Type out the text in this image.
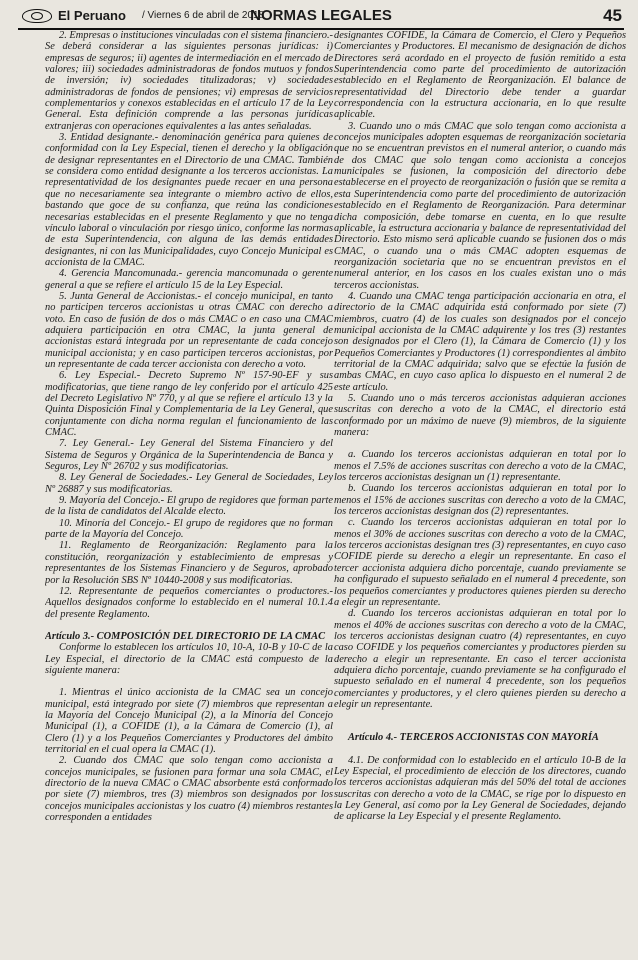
El Peruano / Viernes 6 de abril de 2018
NORMAS LEGALES	45

2. Empresas o instituciones vinculadas con el sistema financiero.- Se deberá considerar a las siguientes personas jurídicas: i) empresas de seguros; ii) agentes de intermediación en el mercado de valores; iii) sociedades administradoras de fondos mutuos y fondos de inversión; iv) sociedades titulizadoras; v) sociedades administradoras de fondos de pensiones; vi) empresas de servicios complementarios y conexos establecidas en el artículo 17 de la Ley General. Esta definición comprende a las personas jurídicas extranjeras con operaciones equivalentes a las antes señaladas.

3. Entidad designante.- denominación genérica para quienes de conformidad con la Ley Especial, tienen el derecho y la obligación de designar representantes en el Directorio de una CMAC. También se considera como entidad designante a los terceros accionistas. La representatividad de los designantes puede recaer en una persona que no necesariamente sea integrante o miembro activo de ellos, bastando que goce de su confianza, que reúna las condiciones necesarias establecidas en el presente Reglamento y que no tenga vínculo laboral o vinculación por riesgo único, conforme las normas de esta Superintendencia, con alguna de las demás entidades designantes, ni con las Municipalidades, cuyo Concejo Municipal es accionista de la CMAC.

4. Gerencia Mancomunada.- gerencia mancomunada o gerente general a que se refiere el artículo 15 de la Ley Especial.

5. Junta General de Accionistas.- el concejo municipal, en tanto no participen terceros accionistas u otras CMAC con derecho a voto. En caso de fusión de dos o más CMAC o en caso una CMAC adquiera participación en otra CMAC, la junta general de accionistas estará integrada por un representante de cada concejo municipal accionista; y en caso participen terceros accionistas, por un representante de cada tercer accionista con derecho a voto.

6. Ley Especial.- Decreto Supremo Nº 157-90-EF y sus modificatorias, que tiene rango de ley conferido por el artículo 425 del Decreto Legislativo Nº 770, y al que se refiere el artículo 13 y la Quinta Disposición Final y Complementaria de la Ley General, que conjuntamente con dicha norma regulan el funcionamiento de las CMAC.

7. Ley General.- Ley General del Sistema Financiero y del Sistema de Seguros y Orgánica de la Superintendencia de Banca y Seguros, Ley Nº 26702 y sus modificatorias.

8. Ley General de Sociedades.- Ley General de Sociedades, Ley Nº 26887 y sus modificatorias.

9. Mayoría del Concejo.- El grupo de regidores que forman parte de la lista de candidatos del Alcalde electo.

10. Minoría del Concejo.- El grupo de regidores que no forman parte de la Mayoría del Concejo.

11. Reglamento de Reorganización: Reglamento para la constitución, reorganización y establecimiento de empresas y representantes de los Sistemas Financiero y de Seguros, aprobado por la Resolución SBS Nº 10440-2008 y sus modificatorias.

12. Representante de pequeños comerciantes o productores.- Aquellos designados conforme lo establecido en el numeral 10.1.4 del presente Reglamento.

Artículo 3.- COMPOSICIÓN DEL DIRECTORIO DE LA CMAC

Conforme lo establecen los artículos 10, 10-A, 10-B y 10-C de la Ley Especial, el directorio de la CMAC está compuesto de la siguiente manera:

1. Mientras el único accionista de la CMAC sea un concejo municipal, está integrado por siete (7) miembros que representan a la Mayoría del Concejo Municipal (2), a la Minoría del Concejo Municipal (1), a COFIDE (1), a la Cámara de Comercio (1), al Clero (1) y a los Pequeños Comerciantes y Productores del ámbito territorial en el cual opera la CMAC (1).

2. Cuando dos CMAC que solo tengan como accionista a concejos municipales, se fusionen para formar una sola CMAC, el directorio de la nueva CMAC o CMAC absorbente está conformado por siete (7) miembros, tres (3) miembros son designados por los concejos municipales accionistas y los cuatro (4) miembros restantes corresponden a entidades

designantes COFIDE, la Cámara de Comercio, el Clero y Pequeños Comerciantes y Productores. El mecanismo de designación de dichos Directores será acordado en el proyecto de fusión remitido a esta Superintendencia como parte del procedimiento de autorización establecido en el Reglamento de Reorganización. El balance de representatividad del Directorio debe tender a guardar correspondencia con la estructura accionaria, en lo que resulte aplicable.

3. Cuando uno o más CMAC que solo tengan como accionista a concejos municipales adopten esquemas de reorganización societaria que no se encuentran previstos en el numeral anterior, o cuando más de dos CMAC que solo tengan como accionista a concejos municipales se fusionen, la composición del directorio debe establecerse en el proyecto de reorganización o fusión que se remita a esta Superintendencia como parte del procedimiento de autorización establecido en el Reglamento de Reorganización. Para determinar dicha composición, debe tomarse en cuenta, en lo que resulte aplicable, la estructura accionaria y balance de representatividad del Directorio. Esto mismo será aplicable cuando se fusionen dos o más CMAC, o cuando una o más CMAC adopten esquemas de reorganización societaria que no se encuentran previstos en el numeral anterior, en los casos en los cuales existan uno o más terceros accionistas.

4. Cuando una CMAC tenga participación accionaria en otra, el directorio de la CMAC adquirida está conformado por siete (7) miembros, cuatro (4) de los cuales son designados por el concejo municipal accionista de la CMAC adquirente y los tres (3) restantes son designados por el Clero (1), la Cámara de Comercio (1) y los Pequeños Comerciantes y Productores (1) correspondientes al ámbito territorial de la CMAC adquirida; salvo que se efectúe la fusión de ambas CMAC, en cuyo caso aplica lo dispuesto en el numeral 2 de este artículo.

5. Cuando uno o más terceros accionistas adquieran acciones suscritas con derecho a voto de la CMAC, el directorio está conformado por un máximo de nueve (9) miembros, de la siguiente manera:

a. Cuando los terceros accionistas adquieran en total por lo menos el 7.5% de acciones suscritas con derecho a voto de la CMAC, los terceros accionistas designan un (1) representante.

b. Cuando los terceros accionistas adquieran en total por lo menos el 15% de acciones suscritas con derecho a voto de la CMAC, los terceros accionistas designan dos (2) representantes.

c. Cuando los terceros accionistas adquieran en total por lo menos el 30% de acciones suscritas con derecho a voto de la CMAC, los terceros accionistas designan tres (3) representantes, en cuyo caso COFIDE pierde su derecho a elegir un representante. En caso el tercer accionista adquiera dicho porcentaje, cuando previamente se ha configurado el supuesto señalado en el numeral 4 precedente, son los pequeños comerciantes y productores quienes pierden su derecho a elegir un representante.

d. Cuando los terceros accionistas adquieran en total por lo menos el 40% de acciones suscritas con derecho a voto de la CMAC, los terceros accionistas designan cuatro (4) representantes, en cuyo caso COFIDE y los pequeños comerciantes y productores pierden su derecho a elegir un representante. En caso el tercer accionista adquiera dicho porcentaje, cuando previamente se ha configurado el supuesto señalado en el numeral 4 precedente, son los pequeños comerciantes y productores, y el clero quienes pierden su derecho a elegir un representante.

Artículo 4.- TERCEROS ACCIONISTAS CON MAYORÍA

4.1. De conformidad con lo establecido en el artículo 10-B de la Ley Especial, el procedimiento de elección de los directores, cuando los terceros accionistas adquieran más del 50% del total de acciones suscritas con derecho a voto de la CMAC, se rige por lo dispuesto en la Ley General, así como por la Ley General de Sociedades, dejando de aplicarse la Ley Especial y el presente Reglamento.
